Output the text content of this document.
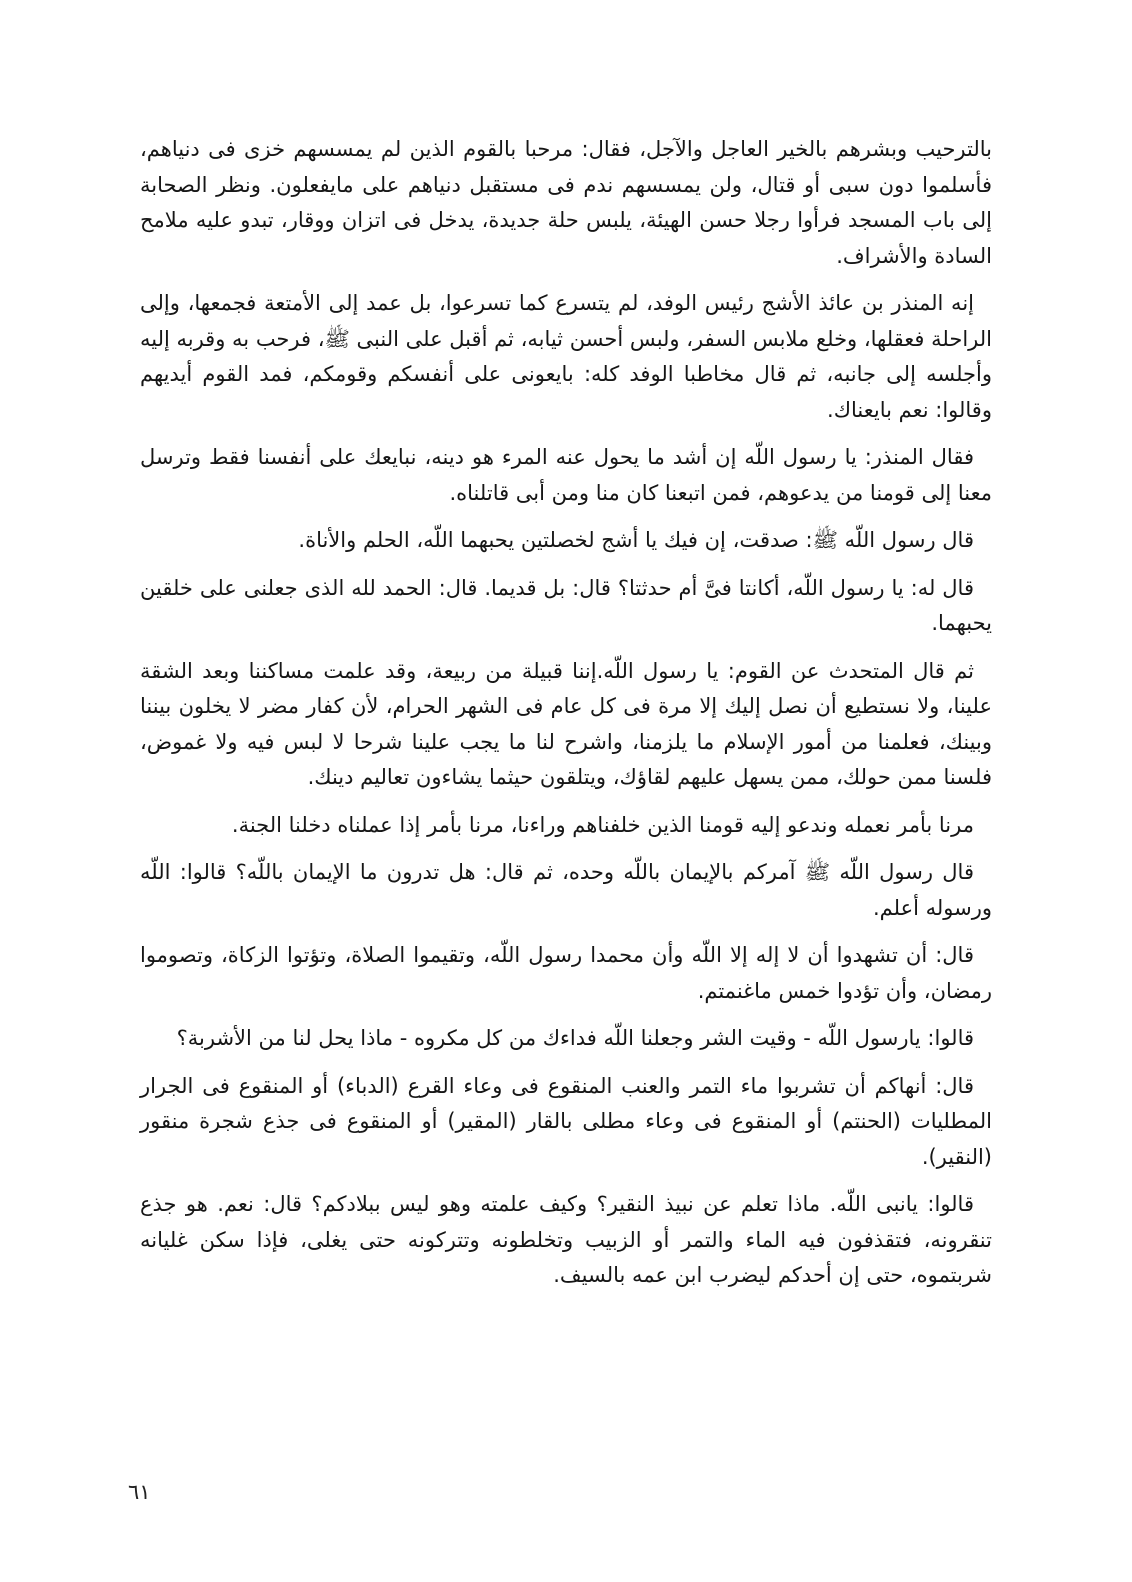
بالترحيب وبشرهم بالخير العاجل والآجل، فقال: مرحبا بالقوم الذين لم يمسسهم خزى فى دنياهم، فأسلموا دون سبى أو قتال، ولن يمسسهم ندم فى مستقبل دنياهم على مايفعلون. ونظر الصحابة إلى باب المسجد فرأوا رجلا حسن الهيئة، يلبس حلة جديدة، يدخل فى اتزان ووقار، تبدو عليه ملامح السادة والأشراف.

إنه المنذر بن عائذ الأشج رئيس الوفد، لم يتسرع كما تسرعوا، بل عمد إلى الأمتعة فجمعها، وإلى الراحلة فعقلها، وخلع ملابس السفر، ولبس أحسن ثيابه، ثم أقبل على النبى ﷺ، فرحب به وقربه إليه وأجلسه إلى جانبه، ثم قال مخاطبا الوفد كله: بايعونى على أنفسكم وقومكم، فمد القوم أيديهم وقالوا: نعم بايعناك.

فقال المنذر: يا رسول اللّه إن أشد ما يحول عنه المرء هو دينه، نبايعك على أنفسنا فقط وترسل معنا إلى قومنا من يدعوهم، فمن اتبعنا كان منا ومن أبى قاتلناه.

قال رسول اللّه ﷺ: صدقت، إن فيك يا أشج لخصلتين يحبهما اللّه، الحلم والأناة.

قال له: يا رسول اللّه، أكانتا فىَّ أم حدثتا؟ قال: بل قديما. قال: الحمد لله الذى جعلنى على خلقين يحبهما.

ثم قال المتحدث عن القوم: يا رسول اللّه.إننا قبيلة من ربيعة، وقد علمت مساكننا وبعد الشقة علينا، ولا نستطيع أن نصل إليك إلا مرة فى كل عام فى الشهر الحرام، لأن كفار مضر لا يخلون بيننا وبينك، فعلمنا من أمور الإسلام ما يلزمنا، واشرح لنا ما يجب علينا شرحا لا لبس فيه ولا غموض، فلسنا ممن حولك، ممن يسهل عليهم لقاؤك، ويتلقون حيثما يشاءون تعاليم دينك.

مرنا بأمر نعمله وندعو إليه قومنا الذين خلفناهم وراءنا، مرنا بأمر إذا عملناه دخلنا الجنة.

قال رسول اللّه ﷺ آمركم بالإيمان باللّه وحده، ثم قال: هل تدرون ما الإيمان باللّه؟ قالوا: اللّه ورسوله أعلم.

قال: أن تشهدوا أن لا إله إلا اللّه وأن محمدا رسول اللّه، وتقيموا الصلاة، وتؤتوا الزكاة، وتصوموا رمضان، وأن تؤدوا خمس ماغنمتم.

قالوا: يارسول اللّه - وقيت الشر وجعلنا اللّه فداءك من كل مكروه - ماذا يحل لنا من الأشربة؟

قال: أنهاكم أن تشربوا ماء التمر والعنب المنقوع فى وعاء القرع (الدباء) أو المنقوع فى الجرار المطليات (الحنتم) أو المنقوع فى وعاء مطلى بالقار (المقير) أو المنقوع فى جذع شجرة منقور (النقير).

قالوا: يانبى اللّه. ماذا تعلم عن نبيذ النقير؟ وكيف علمته وهو ليس ببلادكم؟ قال: نعم. هو جذع تنقرونه، فتقذفون فيه الماء والتمر أو الزبيب وتخلطونه وتتركونه حتى يغلى، فإذا سكن غليانه شربتموه، حتى إن أحدكم ليضرب ابن عمه بالسيف.

٦١
